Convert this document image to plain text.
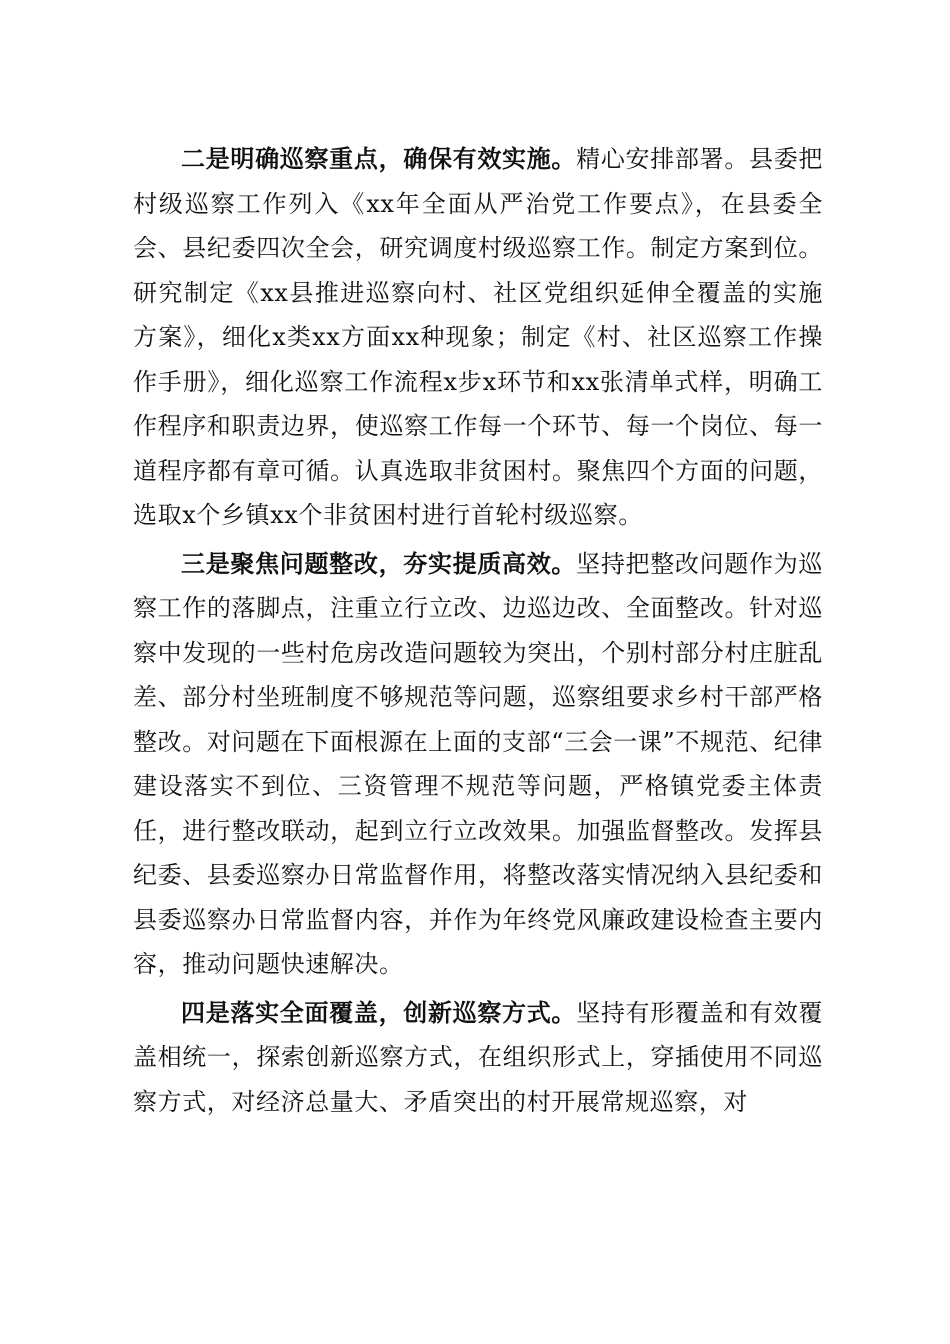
二是明确巡察重点，确保有效实施。精心安排部署。县委把村级巡察工作列入《xx年全面从严治党工作要点》，在县委全会、县纪委四次全会，研究调度村级巡察工作。制定方案到位。研究制定《xx县推进巡察向村、社区党组织延伸全覆盖的实施方案》，细化x类xx方面xx种现象；制定《村、社区巡察工作操作手册》，细化巡察工作流程x步x环节和xx张清单式样，明确工作程序和职责边界，使巡察工作每一个环节、每一个岗位、每一道程序都有章可循。认真选取非贫困村。聚焦四个方面的问题，选取x个乡镇xx个非贫困村进行首轮村级巡察。

三是聚焦问题整改，夯实提质高效。坚持把整改问题作为巡察工作的落脚点，注重立行立改、边巡边改、全面整改。针对巡察中发现的一些村危房改造问题较为突出，个别村部分村庄脏乱差、部分村坐班制度不够规范等问题，巡察组要求乡村干部严格整改。对问题在下面根源在上面的支部“三会一课”不规范、纪律建设落实不到位、三资管理不规范等问题，严格镇党委主体责任，进行整改联动，起到立行立改效果。加强监督整改。发挥县纪委、县委巡察办日常监督作用，将整改落实情况纳入县纪委和县委巡察办日常监督内容，并作为年终党风廉政建设检查主要内容，推动问题快速解决。

四是落实全面覆盖，创新巡察方式。坚持有形覆盖和有效覆盖相统一，探索创新巡察方式，在组织形式上，穿插使用不同巡察方式，对经济总量大、矛盾突出的村开展常规巡察，对
